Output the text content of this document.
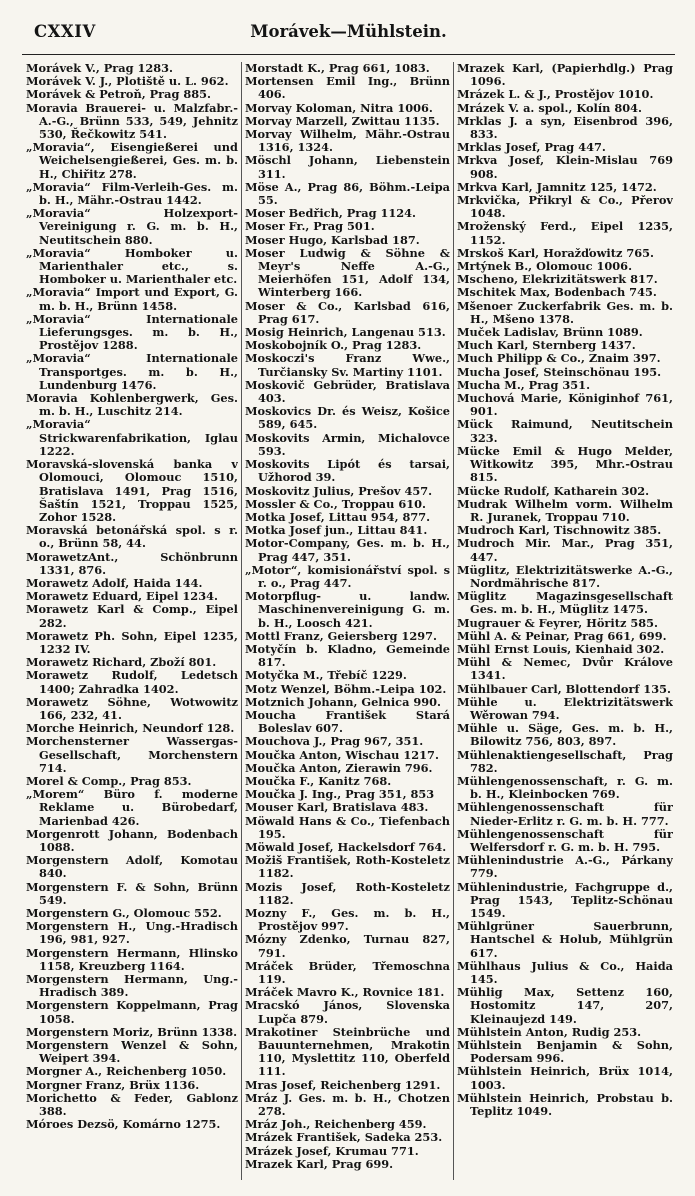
CXXIV	Morávek—Mühlstein.
Morávek V., Prag 1283.
Morávek V. J., Plotiště u. L. 962.
Morávek & Petroň, Prag 885.
Moravia Brauerei- u. Malzfabr.-A.-G., Brünn 533, 549, Jehnitz 530, Řečkowitz 541.
„Moravia“, Eisengießerei und Weichelsengießerei, Ges. m. b. H., Chiřitz 278.
„Moravia“ Film-Verleih-Ges. m. b. H., Mähr.-Ostrau 1442.
„Moravia“ Holzexport-Vereinigung r. G. m. b. H., Neutitschein 880.
„Moravia“ Homboker u. Marienthaler etc., s. Homboker u. Marienthaler etc.
„Moravia“ Import und Export, G. m. b. H., Brünn 1458.
„Moravia“ Internationale Lieferungsges. m. b. H., Prostějov 1288.
„Moravia“ Internationale Transportges. m. b. H., Lundenburg 1476.
Moravia Kohlenbergwerk, Ges. m. b. H., Luschitz 214.
„Moravia“ Strickwarenfabrikation, Iglau 1222.
Moravská-slovenská banka v Olomouci, Olomouc 1510, Bratislava 1491, Prag 1516, Šaštín 1521, Troppau 1525, Zohor 1528.
Moravská betonářská spol. s r. o., Brünn 58, 44.
MorawetzAnt., Schönbrunn 1331, 876.
Morawetz Adolf, Haida 144.
Morawetz Eduard, Eipel 1234.
Morawetz Karl & Comp., Eipel 282.
Morawetz Ph. Sohn, Eipel 1235, 1232 IV.
Morawetz Richard, Zboží 801.
Morawetz Rudolf, Ledetsch 1400; Zahradka 1402.
Morawetz Söhne, Wotwowitz 166, 232, 41.
Morche Heinrich, Neundorf 128.
Morchensterner Wassergas-Gesellschaft, Morchenstern 714.
Morel & Comp., Prag 853.
„Morem“ Büro f. moderne Reklame u. Bürobedarf, Marienbad 426.
Morgenrott Johann, Bodenbach 1088.
Morgenstern Adolf, Komotau 840.
Morgenstern F. & Sohn, Brünn 549.
Morgenstern G., Olomouc 552.
Morgenstern H., Ung.-Hradisch 196, 981, 927.
Morgenstern Hermann, Hlinsko 1158, Kreuzberg 1164.
Morgenstern Hermann, Ung.-Hradisch 389.
Morgenstern Koppelmann, Prag 1058.
Morgenstern Moriz, Brünn 1338.
Morgenstern Wenzel & Sohn, Weipert 394.
Morgner A., Reichenberg 1050.
Morgner Franz, Brüx 1136.
Morichetto & Feder, Gablonz 388.
Móroes Dezsö, Komárno 1275.
Morstadt K., Prag 661, 1083.
Mortensen Emil Ing., Brünn 406.
Morvay Koloman, Nitra 1006.
Morvay Marzell, Zwittau 1135.
Morvay Wilhelm, Mähr.-Ostrau 1316, 1324.
Möschl Johann, Liebenstein 311.
Möse A., Prag 86, Böhm.-Leipa 55.
Moser Bedřich, Prag 1124.
Moser Fr., Prag 501.
Moser Hugo, Karlsbad 187.
Moser Ludwig & Söhne & Meyr's Neffe A.-G., Meierhöfen 151, Adolf 134, Winterberg 166.
Moser & Co., Karlsbad 616, Prag 617.
Mosig Heinrich, Langenau 513.
Moskobojník O., Prag 1283.
Moskoczi's Franz Wwe., Turčiansky Sv. Martiny 1101.
Moskovič Gebrüder, Bratislava 403.
Moskovics Dr. és Weisz, Košice 589, 645.
Moskovits Armin, Michalovce 593.
Moskovits Lipót és tarsai, Užhorod 39.
Moskovitz Julius, Prešov 457.
Mossler & Co., Troppau 610.
Motka Josef, Littau 954, 877.
Motka Josef jun., Littau 841.
Motor-Company, Ges. m. b. H., Prag 447, 351.
„Motor“, komisionářství spol. s r. o., Prag 447.
Motorpflug- u. landw. Maschinenvereinigung G. m. b. H., Loosch 421.
Mottl Franz, Geiersberg 1297.
Motyčín b. Kladno, Gemeinde 817.
Motyčka M., Třebíč 1229.
Motz Wenzel, Böhm.-Leipa 102.
Motznich Johann, Gelnica 990.
Moucha František Stará Boleslav 607.
Mouchova J., Prag 967, 351.
Moučka Anton, Wischau 1217.
Moučka Anton, Zierawin 796.
Moučka F., Kanitz 768.
Moučka J. Ing., Prag 351, 853
Mouser Karl, Bratislava 483.
Möwald Hans & Co., Tiefenbach 195.
Möwald Josef, Hackelsdorf 764.
Možiš František, Roth-Kosteletz 1182.
Mozis Josef, Roth-Kosteletz 1182.
Mozny F., Ges. m. b. H., Prostějov 997.
Mózny Zdenko, Turnau 827, 791.
Mráček Brüder, Třemoschna 119.
Mráček Mavro K., Rovnice 181.
Mracskó János, Slovenska Lupča 879.
Mrakotiner Steinbrüche und Bauunternehmen, Mrakotin 110, Myslettitz 110, Oberfeld 111.
Mras Josef, Reichenberg 1291.
Mráz J. Ges. m. b. H., Chotzen 278.
Mráz Joh., Reichenberg 459.
Mrázek František, Sadeka 253.
Mrázek Josef, Krumau 771.
Mrazek Karl, Prag 699.
Mrazek Karl, (Papierhdlg.) Prag 1096.
Mrázek L. & J., Prostějov 1010.
Mrázek V. a. spol., Kolín 804.
Mrklas J. a syn, Eisenbrod 396, 833.
Mrklas Josef, Prag 447.
Mrkva Josef, Klein-Mislau 769 908.
Mrkva Karl, Jamnitz 125, 1472.
Mrkvička, Přikryl & Co., Přerov 1048.
Mroženský Ferd., Eipel 1235, 1152.
Mrskoš Karl, Horažďowitz 765.
Mrtýnek B., Olomouc 1006.
Mscheno, Elekrizitätswerk 817.
Mschitek Max, Bodenbach 745.
Mšenoer Zuckerfabrik Ges. m. b. H., Mšeno 1378.
Muček Ladislav, Brünn 1089.
Much Karl, Sternberg 1437.
Much Philipp & Co., Znaim 397.
Mucha Josef, Steinschönau 195.
Mucha M., Prag 351.
Muchová Marie, Königinhof 761, 901.
Mück Raimund, Neutitschein 323.
Mücke Emil & Hugo Melder, Witkowitz 395, Mhr.-Ostrau 815.
Mücke Rudolf, Katharein 302.
Mudrak Wilhelm vorm. Wilhelm R. Juranek, Troppau 710.
Mudroch Karl, Tischnowitz 385.
Mudroch Mir. Mar., Prag 351, 447.
Müglitz, Elektrizitätswerke A.-G., Nordmährische 817.
Müglitz Magazinsgesellschaft Ges. m. b. H., Müglitz 1475.
Mugrauer & Feyrer, Höritz 585.
Mühl A. & Peinar, Prag 661, 699.
Mühl Ernst Louis, Kienhaid 302.
Mühl & Nemec, Dvůr Králove 1341.
Mühlbauer Carl, Blottendorf 135.
Mühle u. Elektrizitätswerk Wěrowan 794.
Mühle u. Säge, Ges. m. b. H., Bilowitz 756, 803, 897.
Mühlenaktiengesellschaft, Prag 782.
Mühlengenossenschaft, r. G. m. b. H., Kleinbocken 769.
Mühlengenossenschaft für Nieder-Erlitz r. G. m. b. H. 777.
Mühlengenossenschaft für Welfersdorf r. G. m. b. H. 795.
Mühlenindustrie A.-G., Párkany 779.
Mühlenindustrie, Fachgruppe d., Prag 1543, Teplitz-Schönau 1549.
Mühlgrüner Sauerbrunn, Hantschel & Holub, Mühlgrün 617.
Mühlhaus Julius & Co., Haida 145.
Mühlig Max, Settenz 160, Hostomitz 147, 207, Kleinaujezd 149.
Mühlstein Anton, Rudig 253.
Mühlstein Benjamin & Sohn, Podersam 996.
Mühlstein Heinrich, Brüx 1014, 1003.
Mühlstein Heinrich, Probstau b. Teplitz 1049.
